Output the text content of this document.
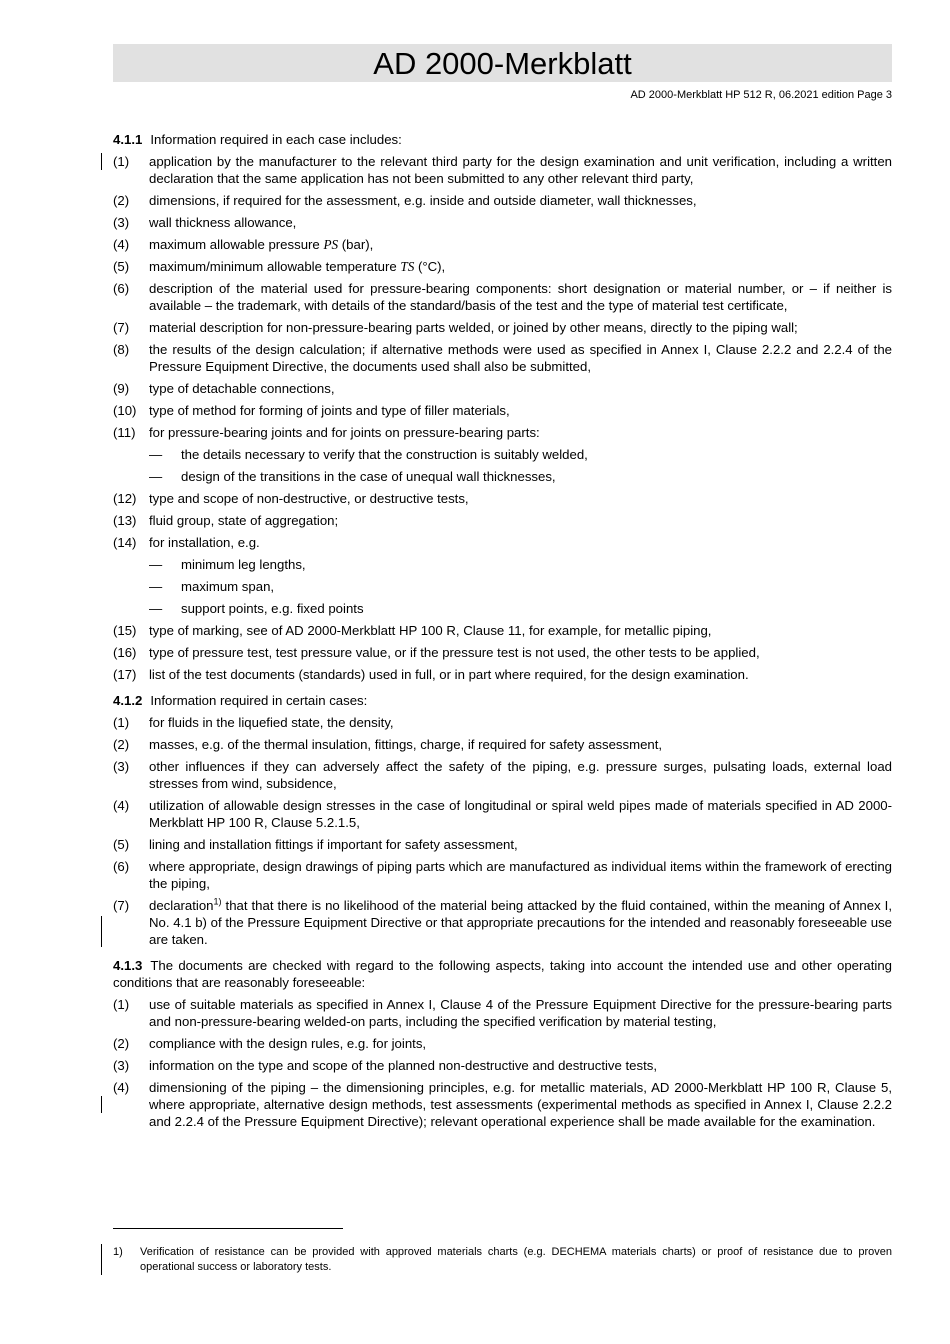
AD 2000-Merkblatt
AD 2000-Merkblatt HP 512 R, 06.2021 edition Page 3
4.1.1 Information required in each case includes:
(1) application by the manufacturer to the relevant third party for the design examination and unit verification, including a written declaration that the same application has not been submitted to any other relevant third party,
(2) dimensions, if required for the assessment, e.g. inside and outside diameter, wall thicknesses,
(3) wall thickness allowance,
(4) maximum allowable pressure PS (bar),
(5) maximum/minimum allowable temperature TS (°C),
(6) description of the material used for pressure-bearing components: short designation or material number, or – if neither is available – the trademark, with details of the standard/basis of the test and the type of material test certificate,
(7) material description for non-pressure-bearing parts welded, or joined by other means, directly to the piping wall;
(8) the results of the design calculation; if alternative methods were used as specified in Annex I, Clause 2.2.2 and 2.2.4 of the Pressure Equipment Directive, the documents used shall also be submitted,
(9) type of detachable connections,
(10) type of method for forming of joints and type of filler materials,
(11) for pressure-bearing joints and for joints on pressure-bearing parts:
— the details necessary to verify that the construction is suitably welded,
— design of the transitions in the case of unequal wall thicknesses,
(12) type and scope of non-destructive, or destructive tests,
(13) fluid group, state of aggregation;
(14) for installation, e.g.
— minimum leg lengths,
— maximum span,
— support points, e.g. fixed points
(15) type of marking, see of AD 2000-Merkblatt HP 100 R, Clause 11, for example, for metallic piping,
(16) type of pressure test, test pressure value, or if the pressure test is not used, the other tests to be applied,
(17) list of the test documents (standards) used in full, or in part where required, for the design examination.
4.1.2 Information required in certain cases:
(1) for fluids in the liquefied state, the density,
(2) masses, e.g. of the thermal insulation, fittings, charge, if required for safety assessment,
(3) other influences if they can adversely affect the safety of the piping, e.g. pressure surges, pulsating loads, external load stresses from wind, subsidence,
(4) utilization of allowable design stresses in the case of longitudinal or spiral weld pipes made of materials specified in AD 2000-Merkblatt HP 100 R, Clause 5.2.1.5,
(5) lining and installation fittings if important for safety assessment,
(6) where appropriate, design drawings of piping parts which are manufactured as individual items within the framework of erecting the piping,
(7) declaration$^{1)}$ that that there is no likelihood of the material being attacked by the fluid contained, within the meaning of Annex I, No. 4.1 b) of the Pressure Equipment Directive or that appropriate precautions for the intended and reasonably foreseeable use are taken.
4.1.3 The documents are checked with regard to the following aspects, taking into account the intended use and other operating conditions that are reasonably foreseeable:
(1) use of suitable materials as specified in Annex I, Clause 4 of the Pressure Equipment Directive for the pressure-bearing parts and non-pressure-bearing welded-on parts, including the specified verification by material testing,
(2) compliance with the design rules, e.g. for joints,
(3) information on the type and scope of the planned non-destructive and destructive tests,
(4) dimensioning of the piping – the dimensioning principles, e.g. for metallic materials, AD 2000-Merkblatt HP 100 R, Clause 5, where appropriate, alternative design methods, test assessments (experimental methods as specified in Annex I, Clause 2.2.2 and 2.2.4 of the Pressure Equipment Directive); relevant operational experience shall be made available for the examination.
1)	Verification of resistance can be provided with approved materials charts (e.g. DECHEMA materials charts) or proof of resistance due to proven operational success or laboratory tests.
